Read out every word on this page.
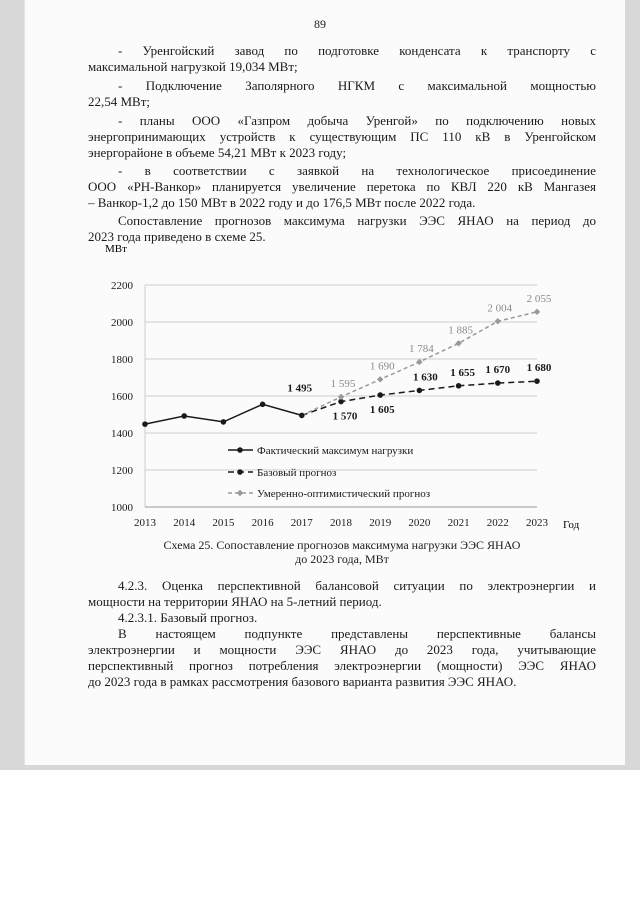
89
- Уренгойский завод по подготовке конденсата к транспорту с
максимальной нагрузкой 19,034 МВт;
- Подключение Заполярного НГКМ с максимальной мощностью
22,54 МВт;
- планы ООО «Газпром добыча Уренгой» по подключению новых
энергопринимающих устройств к существующим ПС 110 кВ в Уренгойском
энергорайоне в объеме 54,21 МВт к 2023 году;
- в соответствии с заявкой на технологическое присоединение
ООО «РН-Ванкор» планируется увеличение перетока по КВЛ 220 кВ Мангазея
– Ванкор-1,2 до 150 МВт в 2022 году и до 176,5 МВт после 2022 года.
Сопоставление прогнозов максимума нагрузки ЭЭС ЯНАО на период до
2023 года приведено в схеме 25.
МВт
Год
1000
1200
1400
1600
1800
2000
2200
2013 2014 2015 2016 2017 2018 2019 2020 2021 2022 2023
1 495
1 570
1 605
1 630 1 655 1 670 1 680
1 595
1 690
1 784
1 885
2 004
2 055
Фактический максимум нагрузки
Базовый прогноз
Умеренно-оптимистический прогноз
Схема 25. Сопоставление прогнозов максимума нагрузки ЭЭС ЯНАО
до 2023 года, МВт
4.2.3. Оценка перспективной балансовой ситуации по электроэнергии и
мощности на территории ЯНАО на 5-летний период.
4.2.3.1. Базовый прогноз.
В настоящем подпункте представлены перспективные балансы
электроэнергии и мощности ЭЭС ЯНАО до 2023 года, учитывающие
перспективный прогноз потребления электроэнергии (мощности) ЭЭС ЯНАО
до 2023 года в рамках рассмотрения базового варианта развития ЭЭС ЯНАО.
